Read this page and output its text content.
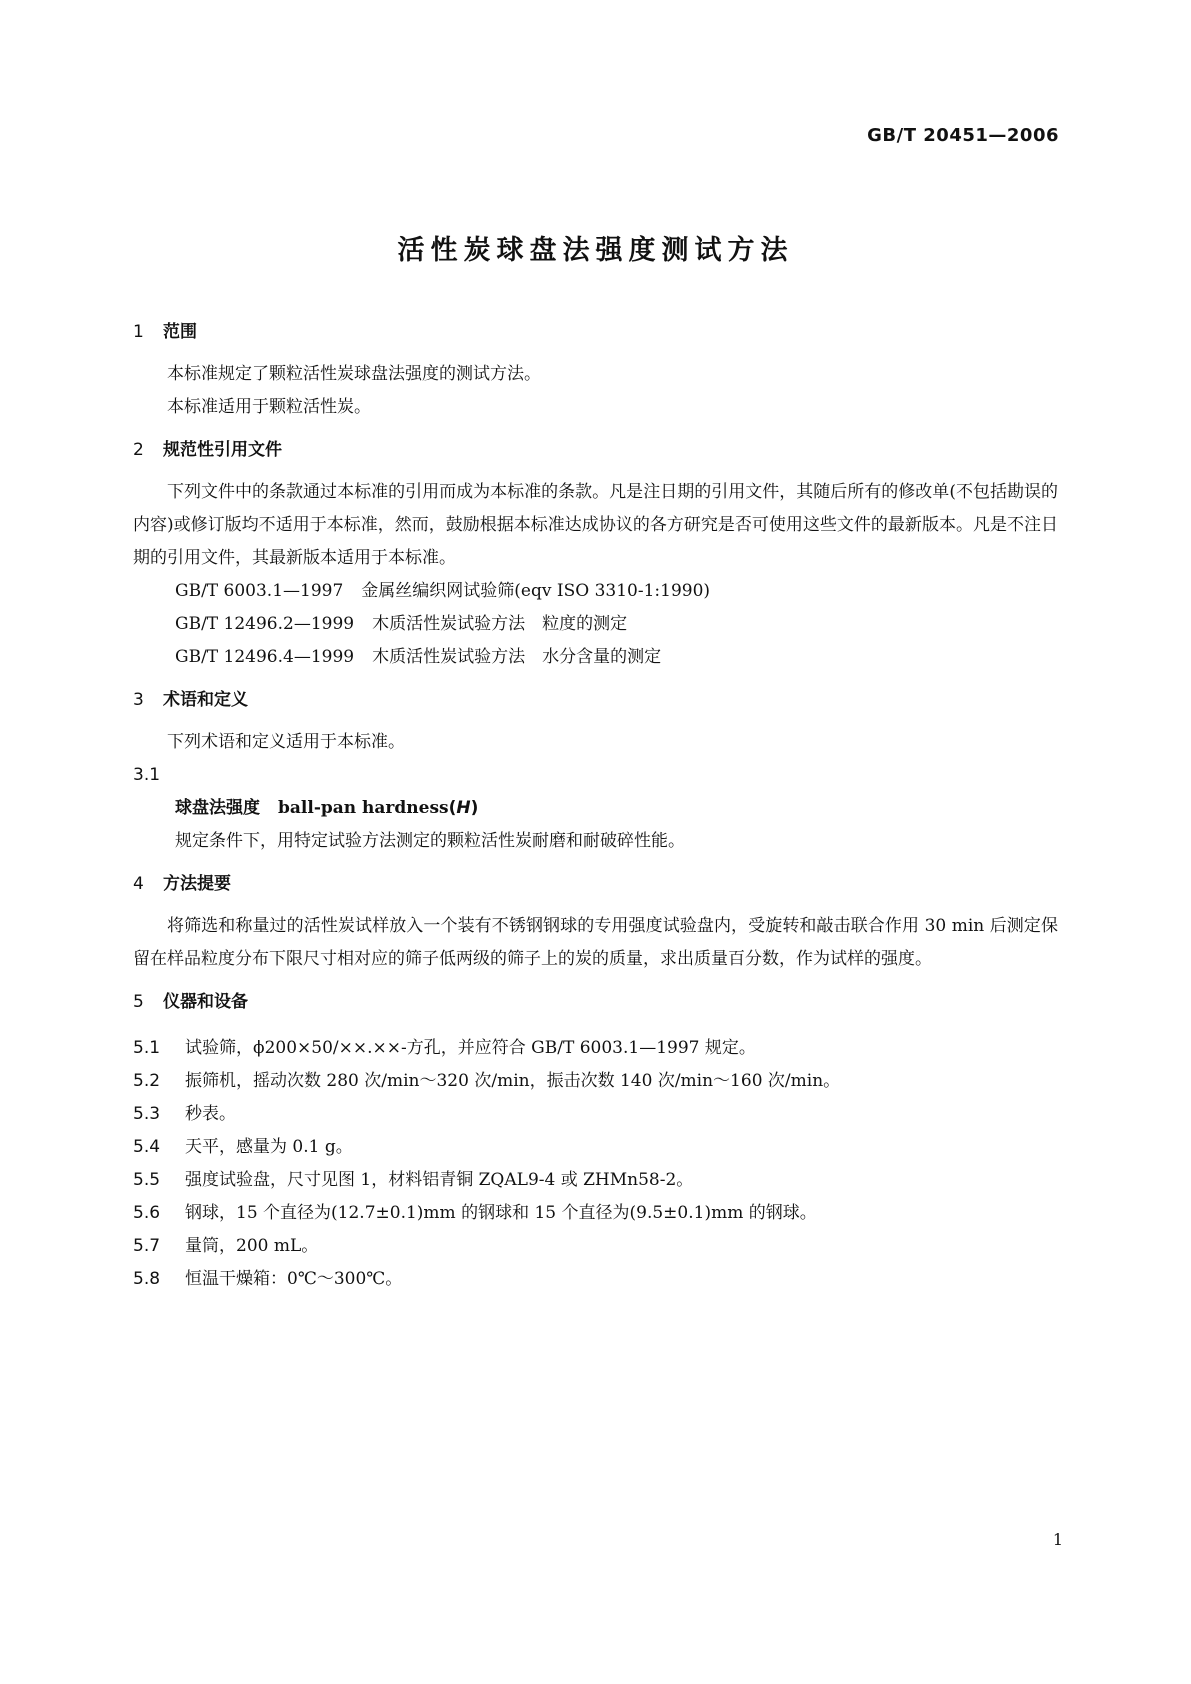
GB/T 20451—2006
活性炭球盘法强度测试方法
1 范围

本标准规定了颗粒活性炭球盘法强度的测试方法。

本标准适用于颗粒活性炭。

2 规范性引用文件

下列文件中的条款通过本标准的引用而成为本标准的条款。凡是注日期的引用文件，其随后所有的修改单(不包括勘误的内容)或修订版均不适用于本标准，然而，鼓励根据本标准达成协议的各方研究是否可使用这些文件的最新版本。凡是不注日期的引用文件，其最新版本适用于本标准。

GB/T 6003.1—1997 金属丝编织网试验筛(eqv ISO 3310-1:1990)

GB/T 12496.2—1999 木质活性炭试验方法　粒度的测定

GB/T 12496.4—1999 木质活性炭试验方法　水分含量的测定

3 术语和定义

下列术语和定义适用于本标准。

3.1

球盘法强度 ball-pan hardness(H)

规定条件下，用特定试验方法测定的颗粒活性炭耐磨和耐破碎性能。

4 方法提要

将筛选和称量过的活性炭试样放入一个装有不锈钢钢球的专用强度试验盘内，受旋转和敲击联合作用 30 min 后测定保留在样品粒度分布下限尺寸相对应的筛子低两级的筛子上的炭的质量，求出质量百分数，作为试样的强度。

5 仪器和设备

5.1 试验筛，ϕ200×50/××.××-方孔，并应符合 GB/T 6003.1—1997 规定。

5.2 振筛机，摇动次数 280 次/min～320 次/min，振击次数 140 次/min～160 次/min。

5.3 秒表。

5.4 天平，感量为 0.1 g。

5.5 强度试验盘，尺寸见图 1，材料铝青铜 ZQAL9-4 或 ZHMn58-2。

5.6 钢球，15 个直径为(12.7±0.1)mm 的钢球和 15 个直径为(9.5±0.1)mm 的钢球。

5.7 量筒，200 mL。

5.8 恒温干燥箱：0℃～300℃。

1
